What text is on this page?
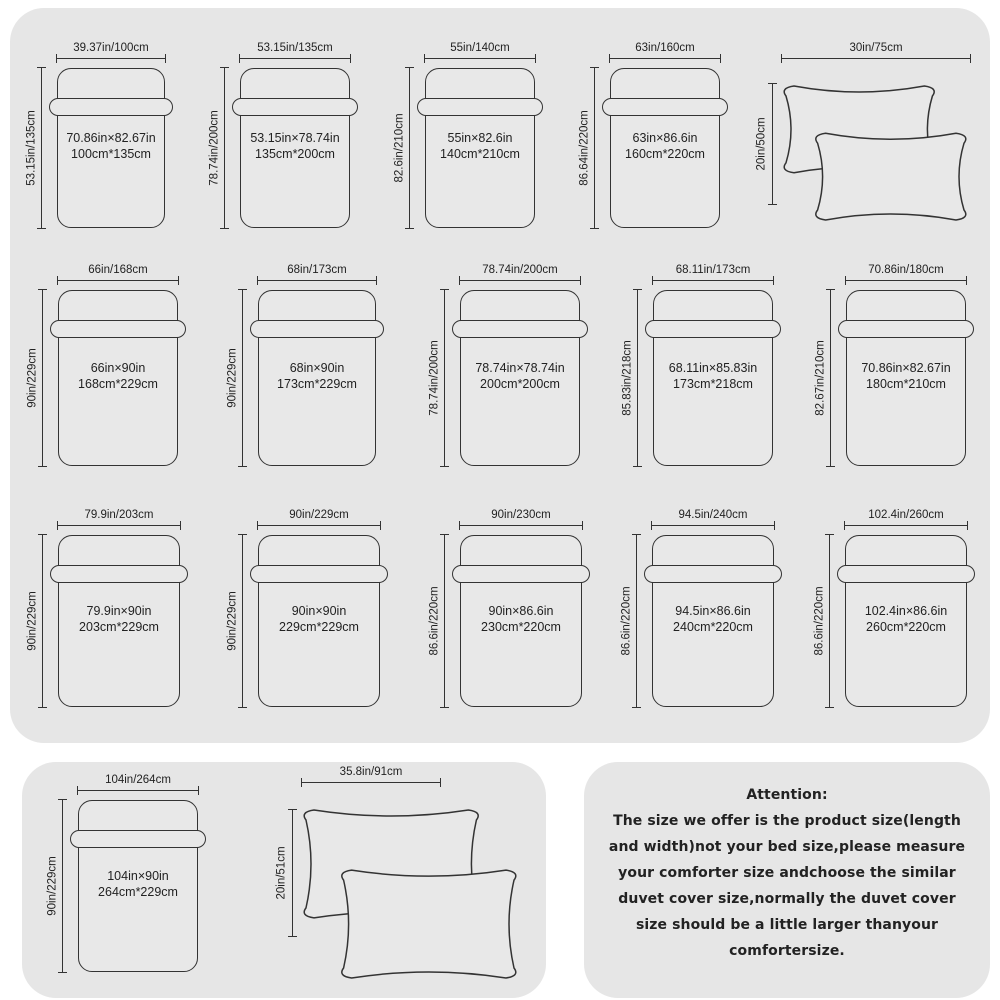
Attention:
The size we offer is the product size(length
and width)not your bed size,please measure
your comforter size andchoose the similar
duvet cover size,normally the duvet cover
size should be a little larger thanyour
comfortersize.
39.37in/100cm
53.15in/135cm	70.86in×82.67in
100cm*135cm
53.15in/135cm
78.74in/200cm	53.15in×78.74in
135cm*200cm
55in/140cm
82.6in/210cm	55in×82.6in
140cm*210cm
63in/160cm
86.64in/220cm	63in×86.6in
160cm*220cm
66in/168cm
90in/229cm	66in×90in
168cm*229cm
68in/173cm
90in/229cm	68in×90in
173cm*229cm
78.74in/200cm
78.74in/200cm	78.74in×78.74in
200cm*200cm
68.11in/173cm
85.83in/218cm	68.11in×85.83in
173cm*218cm
70.86in/180cm
82.67in/210cm	70.86in×82.67in
180cm*210cm
79.9in/203cm
90in/229cm	79.9in×90in
203cm*229cm
90in/229cm
90in/229cm	90in×90in
229cm*229cm
90in/230cm
86.6in/220cm	90in×86.6in
230cm*220cm
94.5in/240cm
86.6in/220cm	94.5in×86.6in
240cm*220cm
102.4in/260cm
86.6in/220cm	102.4in×86.6in
260cm*220cm
104in/264cm
90in/229cm	104in×90in
264cm*229cm
30in/75cm
20in/50cm
35.8in/91cm
20in/51cm
